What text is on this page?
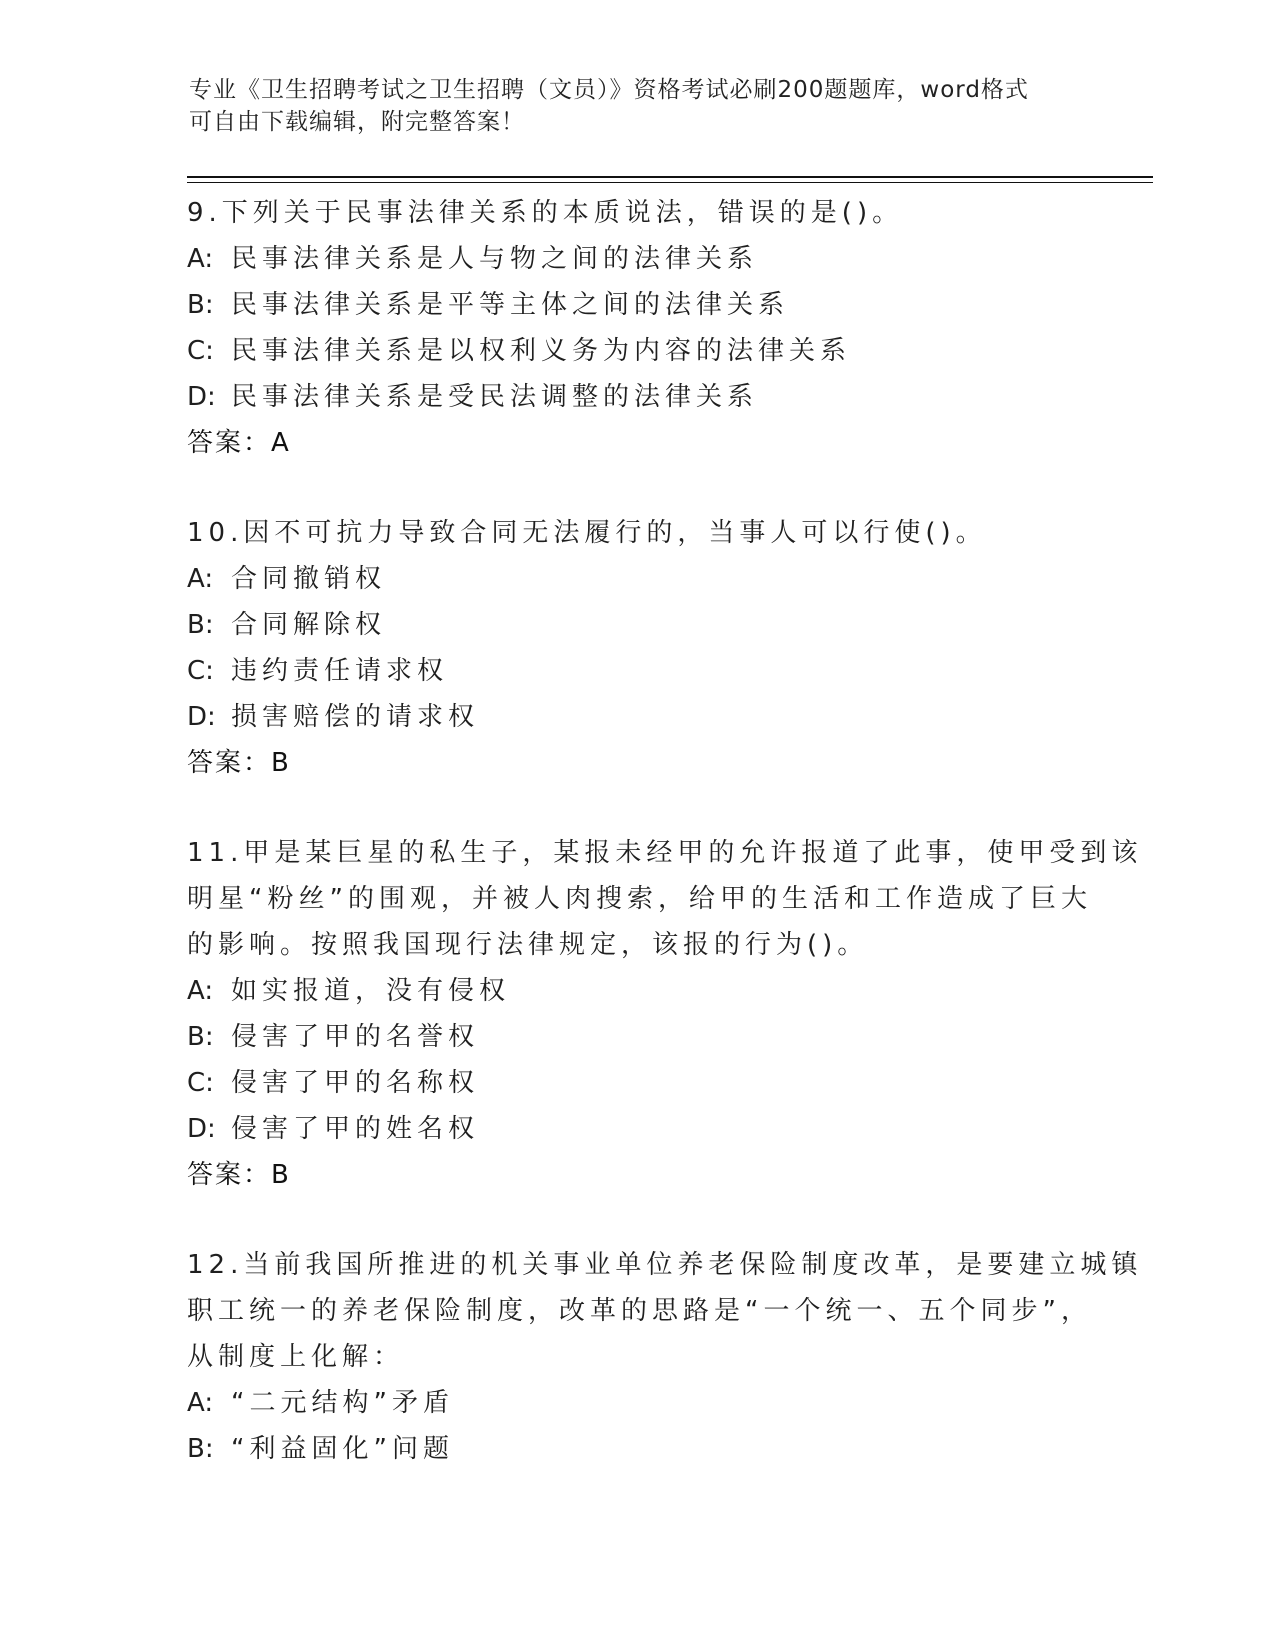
专业《卫生招聘考试之卫生招聘（文员）》资格考试必刷200题题库，word格式
可自由下载编辑，附完整答案！
9.下列关于民事法律关系的本质说法，错误的是()。
A: 民事法律关系是人与物之间的法律关系
B: 民事法律关系是平等主体之间的法律关系
C: 民事法律关系是以权利义务为内容的法律关系
D: 民事法律关系是受民法调整的法律关系
答案：A
10.因不可抗力导致合同无法履行的，当事人可以行使()。
A: 合同撤销权
B: 合同解除权
C: 违约责任请求权
D: 损害赔偿的请求权
答案：B
11.甲是某巨星的私生子，某报未经甲的允许报道了此事，使甲受到该
明星“粉丝”的围观，并被人肉搜索，给甲的生活和工作造成了巨大
的影响。按照我国现行法律规定，该报的行为()。
A: 如实报道，没有侵权
B: 侵害了甲的名誉权
C: 侵害了甲的名称权
D: 侵害了甲的姓名权
答案：B
12.当前我国所推进的机关事业单位养老保险制度改革，是要建立城镇
职工统一的养老保险制度，改革的思路是“一个统一、五个同步”，
从制度上化解：
A: “二元结构”矛盾
B: “利益固化”问题
